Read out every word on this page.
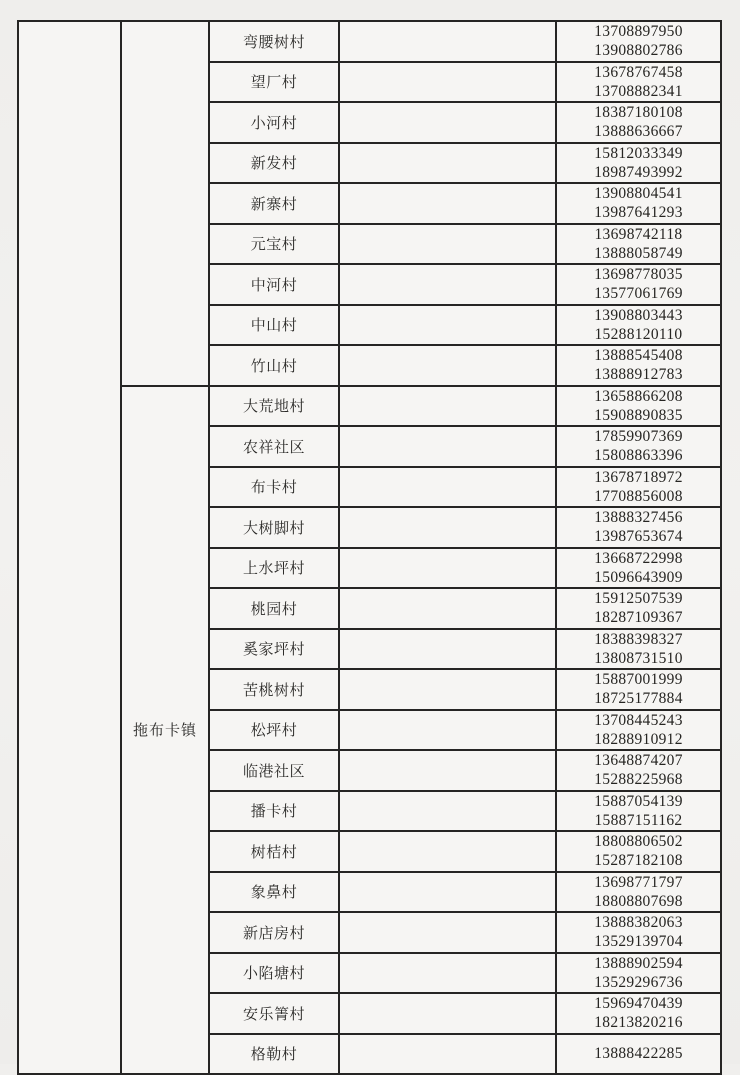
		弯腰树村		13708897950
13908802786

		望厂村		13678767458
13708882341

		小河村		18387180108
13888636667

		新发村		15812033349
18987493992

		新寨村		13908804541
13987641293

		元宝村		13698742118
13888058749

		中河村		13698778035
13577061769

		中山村		13908803443
15288120110

		竹山村		13888545408
13888912783

	拖布卡镇	大荒地村		13658866208
15908890835

		农祥社区		17859907369
15808863396

		布卡村		13678718972
17708856008

		大树脚村		13888327456
13987653674

		上水坪村		13668722998
15096643909

		桃园村		15912507539
18287109367

		奚家坪村		18388398327
13808731510

		苦桃树村		15887001999
18725177884

		松坪村		13708445243
18288910912

		临港社区		13648874207
15288225968

		播卡村		15887054139
15887151162

		树桔村		18808806502
15287182108

		象鼻村		13698771797
18808807698

		新店房村		13888382063
13529139704

		小陷塘村		13888902594
13529296736

		安乐箐村		15969470439
18213820216

		格勒村		13888422285
